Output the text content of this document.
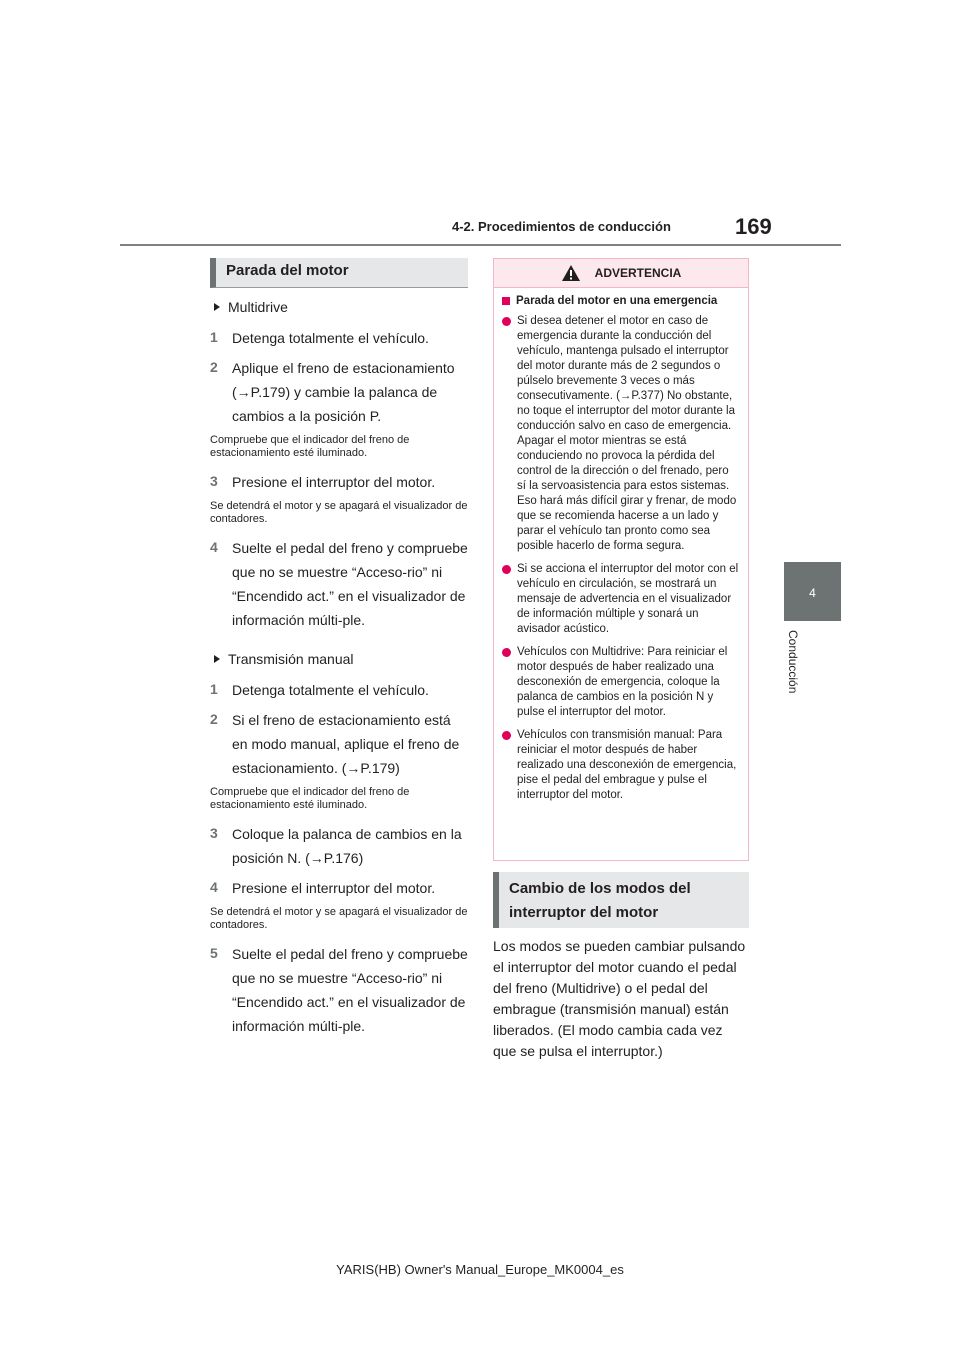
4-2. Procedimientos de conducción	169
4
Conducción
Parada del motor
Multidrive
1	Detenga totalmente el vehículo.
2	Aplique el freno de estacionamiento (→P.179) y cambie la palanca de cambios a la posición P.

Compruebe que el indicador del freno de estacionamiento esté iluminado.

3	Presione el interruptor del motor.

Se detendrá el motor y se apagará el visualizador de contadores.

4	Suelte el pedal del freno y compruebe que no se muestre “Acceso-rio” ni “Encendido act.” en el visualizador de información múlti-ple.
Transmisión manual
1	Detenga totalmente el vehículo.
2	Si el freno de estacionamiento está en modo manual, aplique el freno de estacionamiento. (→P.179)

Compruebe que el indicador del freno de estacionamiento esté iluminado.

3	Coloque la palanca de cambios en la posición N. (→P.176)
4	Presione el interruptor del motor.

Se detendrá el motor y se apagará el visualizador de contadores.

5	Suelte el pedal del freno y compruebe que no se muestre “Acceso-rio” ni “Encendido act.” en el visualizador de información múlti-ple.
ADVERTENCIA
Parada del motor en una emergencia
Si desea detener el motor en caso de emergencia durante la conducción del vehículo, mantenga pulsado el interruptor del motor durante más de 2 segundos o púlselo brevemente 3 veces o más consecutivamente. (→P.377) No obstante, no toque el interruptor del motor durante la conducción salvo en caso de emergencia. Apagar el motor mientras se está conduciendo no provoca la pérdida del control de la dirección o del frenado, pero sí la servoasistencia para estos sistemas. Eso hará más difícil girar y frenar, de modo que se recomienda hacerse a un lado y parar el vehículo tan pronto como sea posible hacerlo de forma segura.
Si se acciona el interruptor del motor con el vehículo en circulación, se mostrará un mensaje de advertencia en el visualizador de información múltiple y sonará un avisador acústico.
Vehículos con Multidrive: Para reiniciar el motor después de haber realizado una desconexión de emergencia, coloque la palanca de cambios en la posición N y pulse el interruptor del motor.
Vehículos con transmisión manual: Para reiniciar el motor después de haber realizado una desconexión de emergencia, pise el pedal del embrague y pulse el interruptor del motor.
Cambio de los modos del interruptor del motor
Los modos se pueden cambiar pulsando el interruptor del motor cuando el pedal del freno (Multidrive) o el pedal del embrague (transmisión manual) están liberados. (El modo cambia cada vez que se pulsa el interruptor.)
YARIS(HB) Owner's Manual_Europe_MK0004_es
